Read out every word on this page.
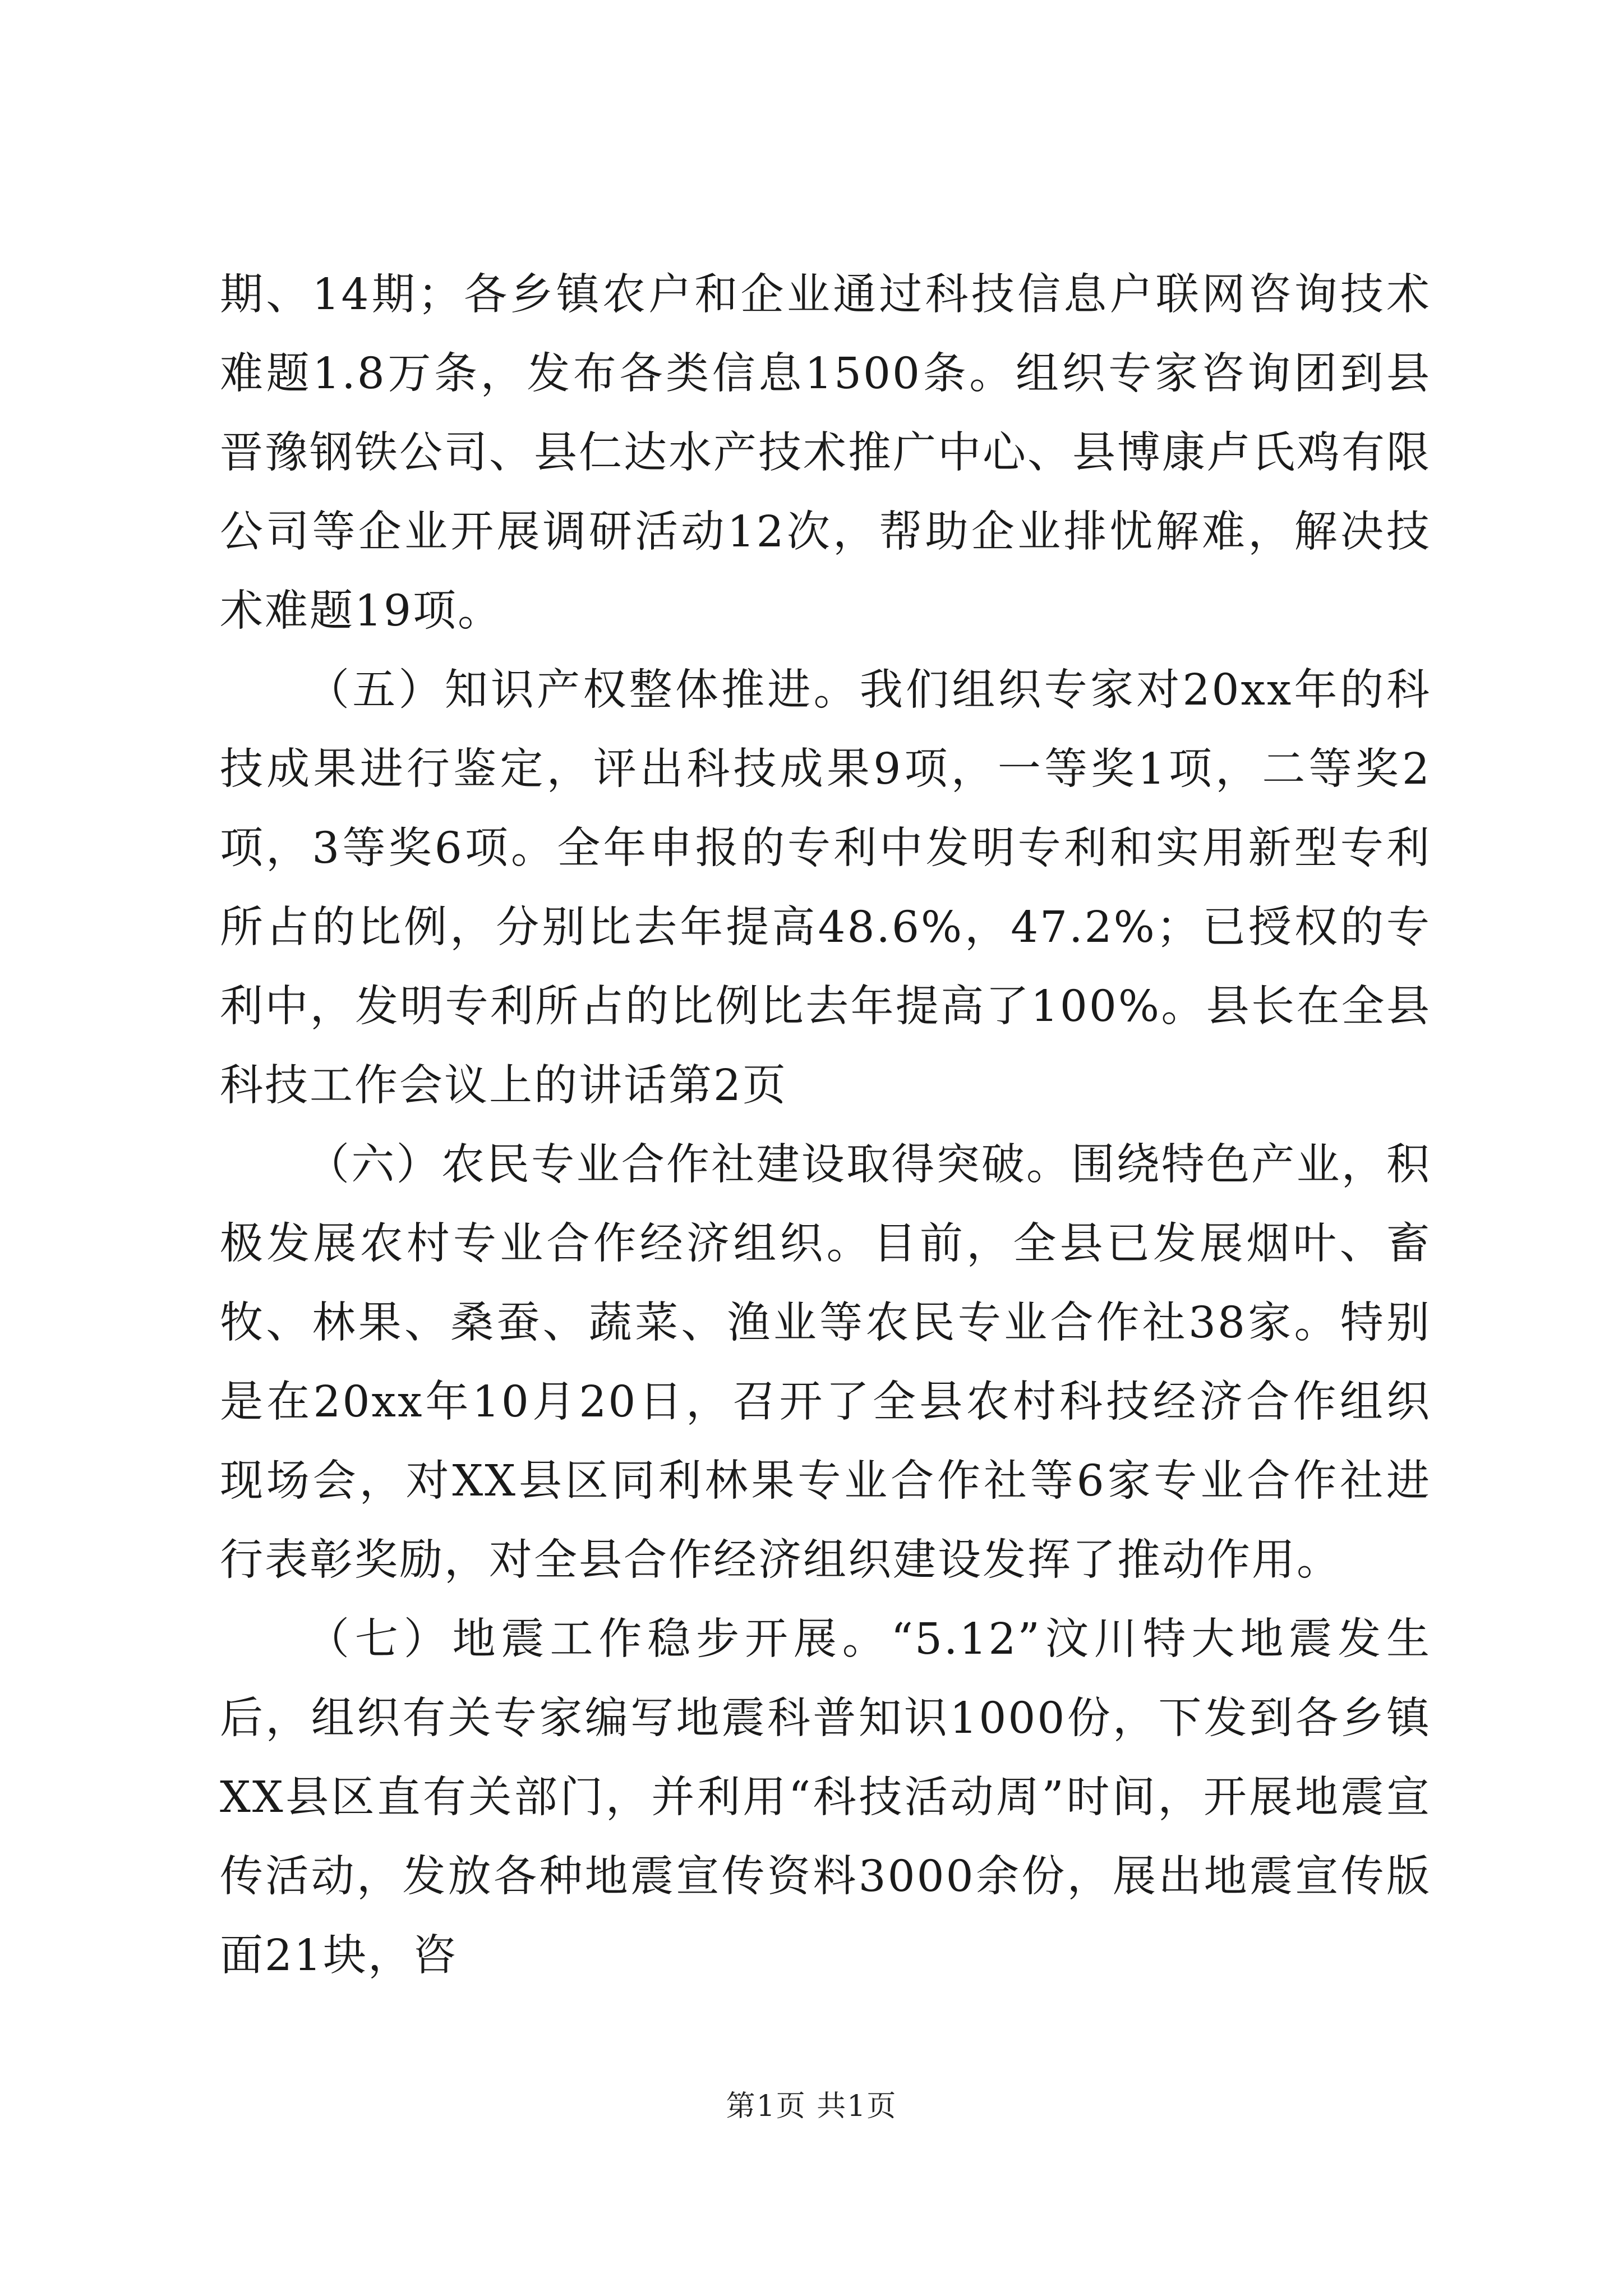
期、14期；各乡镇农户和企业通过科技信息户联网咨询技术难题1.8万条，发布各类信息1500条。组织专家咨询团到县晋豫钢铁公司、县仁达水产技术推广中心、县博康卢氏鸡有限公司等企业开展调研活动12次，帮助企业排忧解难，解决技术难题19项。

（五）知识产权整体推进。我们组织专家对20xx年的科技成果进行鉴定，评出科技成果9项，一等奖1项，二等奖2项，3等奖6项。全年申报的专利中发明专利和实用新型专利所占的比例，分别比去年提高48.6%，47.2%；已授权的专利中，发明专利所占的比例比去年提高了100%。县长在全县科技工作会议上的讲话第2页

（六）农民专业合作社建设取得突破。围绕特色产业，积极发展农村专业合作经济组织。目前，全县已发展烟叶、畜牧、林果、桑蚕、蔬菜、渔业等农民专业合作社38家。特别是在20xx年10月20日，召开了全县农村科技经济合作组织现场会，对XX县区同利林果专业合作社等6家专业合作社进行表彰奖励，对全县合作经济组织建设发挥了推动作用。

（七）地震工作稳步开展。“5.12”汶川特大地震发生后，组织有关专家编写地震科普知识1000份，下发到各乡镇XX县区直有关部门，并利用“科技活动周”时间，开展地震宣传活动，发放各种地震宣传资料3000余份，展出地震宣传版面21块，咨

第1页 共1页
